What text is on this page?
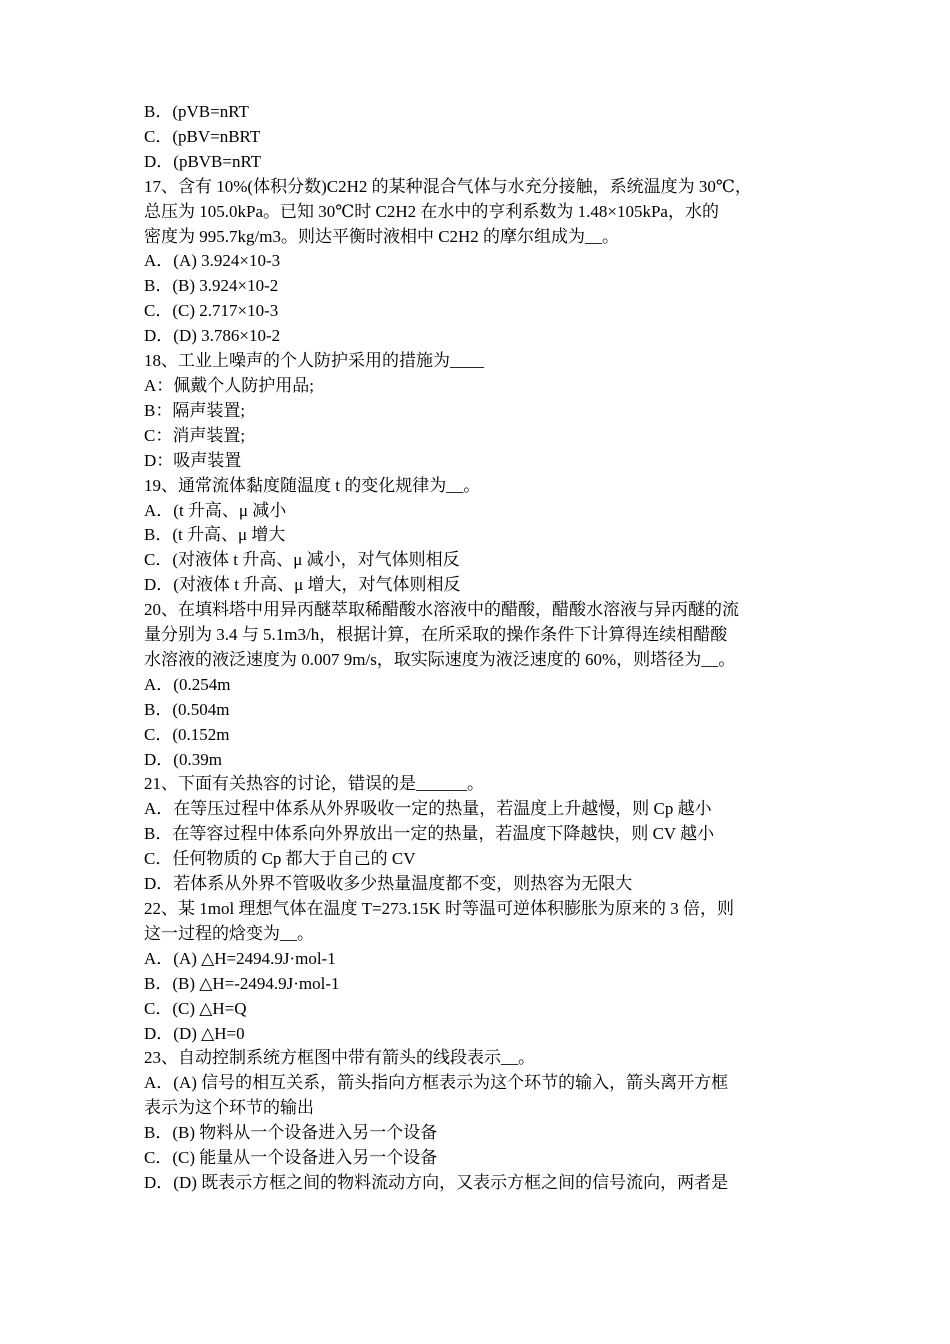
B．(pVB=nRT
C．(pBV=nBRT
D．(pBVB=nRT
17、含有 10%(体积分数)C2H2 的某种混合气体与水充分接触，系统温度为 30℃，
总压为 105.0kPa。已知 30℃时 C2H2 在水中的亨利系数为 1.48×105kPa，水的
密度为 995.7kg/m3。则达平衡时液相中 C2H2 的摩尔组成为__。
A．(A) 3.924×10-3
B．(B) 3.924×10-2
C．(C) 2.717×10-3
D．(D) 3.786×10-2
18、工业上噪声的个人防护采用的措施为____
A：佩戴个人防护用品;
B：隔声装置;
C：消声装置;
D：吸声装置
19、通常流体黏度随温度 t 的变化规律为__。
A．(t 升高、μ 减小
B．(t 升高、μ 增大
C．(对液体 t 升高、μ 减小，对气体则相反
D．(对液体 t 升高、μ 增大，对气体则相反
20、在填料塔中用异丙醚萃取稀醋酸水溶液中的醋酸，醋酸水溶液与异丙醚的流
量分别为 3.4 与 5.1m3/h，根据计算，在所采取的操作条件下计算得连续相醋酸
水溶液的液泛速度为 0.007 9m/s，取实际速度为液泛速度的 60%，则塔径为__。
A．(0.254m
B．(0.504m
C．(0.152m
D．(0.39m
21、下面有关热容的讨论，错误的是______。
A．在等压过程中体系从外界吸收一定的热量，若温度上升越慢，则 Cp 越小
B．在等容过程中体系向外界放出一定的热量，若温度下降越快，则 CV 越小
C．任何物质的 Cp 都大于自己的 CV
D．若体系从外界不管吸收多少热量温度都不变，则热容为无限大
22、某 1mol 理想气体在温度 T=273.15K 时等温可逆体积膨胀为原来的 3 倍，则
这一过程的焓变为__。
A．(A) △H=2494.9J·mol-1
B．(B) △H=-2494.9J·mol-1
C．(C) △H=Q
D．(D) △H=0
23、自动控制系统方框图中带有箭头的线段表示__。
A．(A) 信号的相互关系，箭头指向方框表示为这个环节的输入，箭头离开方框
表示为这个环节的输出
B．(B) 物料从一个设备进入另一个设备
C．(C) 能量从一个设备进入另一个设备
D．(D) 既表示方框之间的物料流动方向，又表示方框之间的信号流向，两者是
